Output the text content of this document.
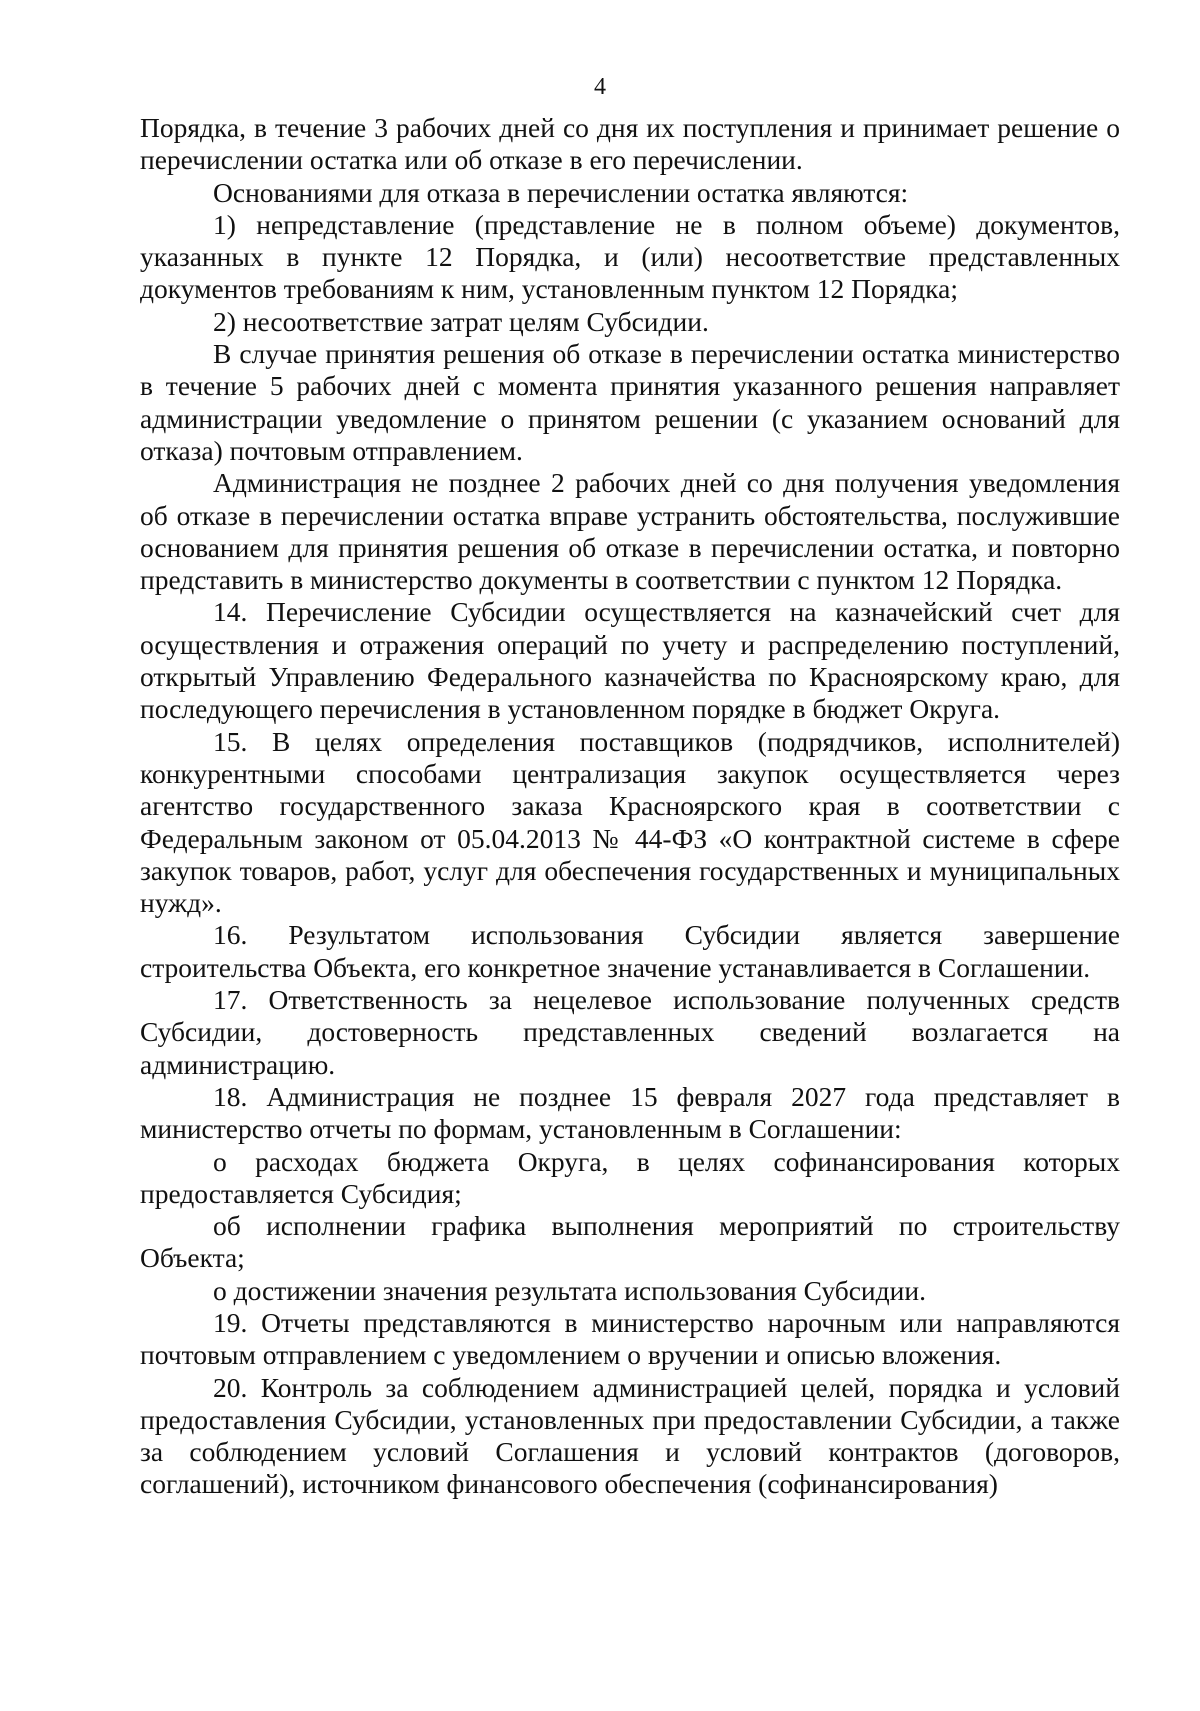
4

Порядка, в течение 3 рабочих дней со дня их поступления и принимает решение о перечислении остатка или об отказе в его перечислении.

Основаниями для отказа в перечислении остатка являются:

1) непредставление (представление не в полном объеме) документов, указанных в пункте 12 Порядка, и (или) несоответствие представленных документов требованиям к ним, установленным пунктом 12 Порядка;

2) несоответствие затрат целям Субсидии.

В случае принятия решения об отказе в перечислении остатка министерство в течение 5 рабочих дней с момента принятия указанного решения направляет администрации уведомление о принятом решении (с указанием оснований для отказа) почтовым отправлением.

Администрация не позднее 2 рабочих дней со дня получения уведомления об отказе в перечислении остатка вправе устранить обстоятельства, послужившие основанием для принятия решения об отказе в перечислении остатка, и повторно представить в министерство документы в соответствии с пунктом 12 Порядка.

14. Перечисление Субсидии осуществляется на казначейский счет для осуществления и отражения операций по учету и распределению поступлений, открытый Управлению Федерального казначейства по Красноярскому краю, для последующего перечисления в установленном порядке в бюджет Округа.

15. В целях определения поставщиков (подрядчиков, исполнителей) конкурентными способами централизация закупок осуществляется через агентство государственного заказа Красноярского края в соответствии с Федеральным законом от 05.04.2013 № 44-ФЗ «О контрактной системе в сфере закупок товаров, работ, услуг для обеспечения государственных и муниципальных нужд».

16. Результатом использования Субсидии является завершение строительства Объекта, его конкретное значение устанавливается в Соглашении.

17. Ответственность за нецелевое использование полученных средств Субсидии, достоверность представленных сведений возлагается на администрацию.

18. Администрация не позднее 15 февраля 2027 года представляет в министерство отчеты по формам, установленным в Соглашении:

о расходах бюджета Округа, в целях софинансирования которых предоставляется Субсидия;

об исполнении графика выполнения мероприятий по строительству Объекта;

о достижении значения результата использования Субсидии.

19. Отчеты представляются в министерство нарочным или направляются почтовым отправлением с уведомлением о вручении и описью вложения.

20. Контроль за соблюдением администрацией целей, порядка и условий предоставления Субсидии, установленных при предоставлении Субсидии, а также за соблюдением условий Соглашения и условий контрактов (договоров, соглашений), источником финансового обеспечения (софинансирования)
